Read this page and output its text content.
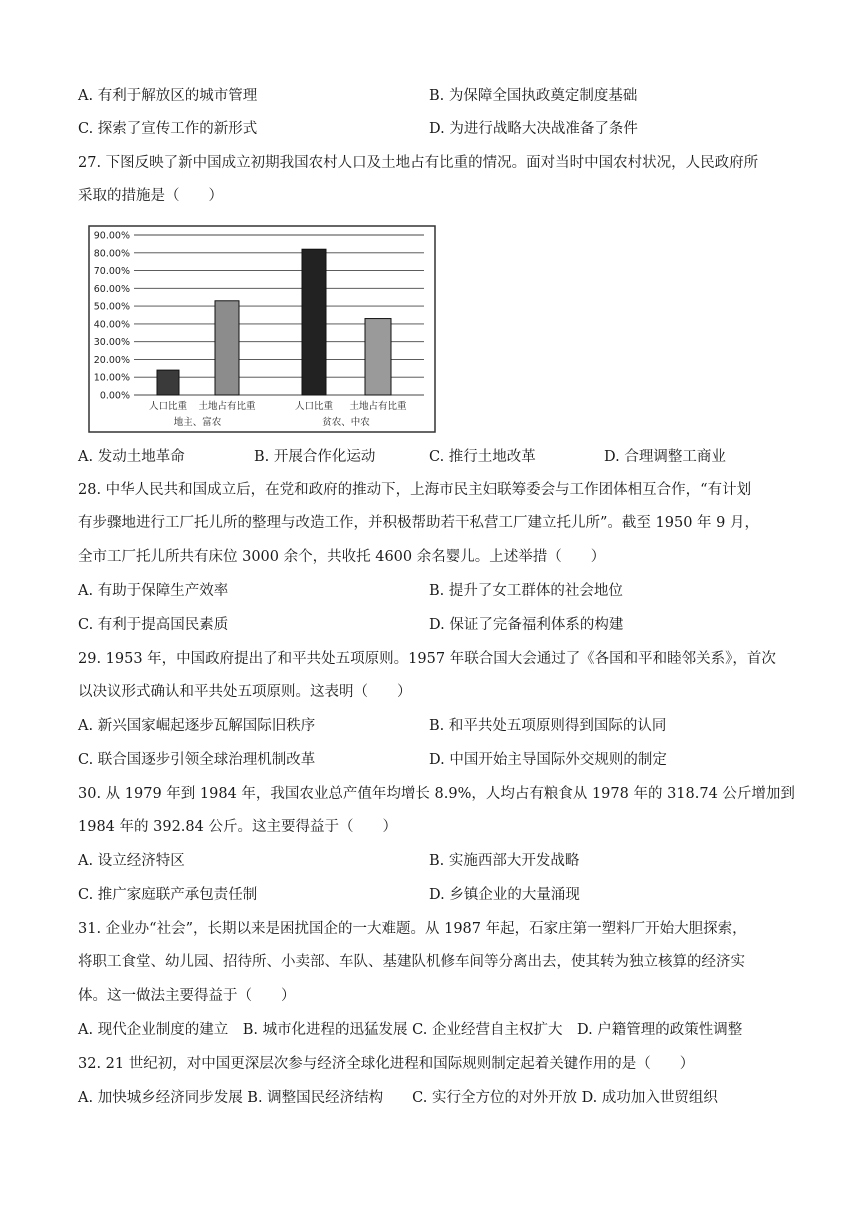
A. 有利于解放区的城市管理	B. 为保障全国执政奠定制度基础
C. 探索了宣传工作的新形式	D. 为进行战略大决战准备了条件
27. 下图反映了新中国成立初期我国农村人口及土地占有比重的情况。面对当时中国农村状况，人民政府所
采取的措施是（　　）
90.00%
80.00%
70.00%
60.00%
50.00%
40.00%
30.00%
20.00%
10.00%
0.00%
人口比重 土地占有比重	人口比重 土地占有比重
地主、富农	贫农、中农
A. 发动土地革命	B. 开展合作化运动	C. 推行土地改革	D. 合理调整工商业
28. 中华人民共和国成立后，在党和政府的推动下，上海市民主妇联筹委会与工作团体相互合作，“有计划
有步骤地进行工厂托儿所的整理与改造工作，并积极帮助若干私营工厂建立托儿所”。截至 1950 年 9 月，
全市工厂托儿所共有床位 3000 余个，共收托 4600 余名婴儿。上述举措（　　）
A. 有助于保障生产效率	B. 提升了女工群体的社会地位
C. 有利于提高国民素质	D. 保证了完备福利体系的构建
29. 1953 年，中国政府提出了和平共处五项原则。1957 年联合国大会通过了《各国和平和睦邻关系》，首次
以决议形式确认和平共处五项原则。这表明（　　）
A. 新兴国家崛起逐步瓦解国际旧秩序	B. 和平共处五项原则得到国际的认同
C. 联合国逐步引领全球治理机制改革	D. 中国开始主导国际外交规则的制定
30. 从 1979 年到 1984 年，我国农业总产值年均增长 8.9%，人均占有粮食从 1978 年的 318.74 公斤增加到
1984 年的 392.84 公斤。这主要得益于（　　）
A. 设立经济特区	B. 实施西部大开发战略
C. 推广家庭联产承包责任制	D. 乡镇企业的大量涌现
31. 企业办“社会”，长期以来是困扰国企的一大难题。从 1987 年起，石家庄第一塑料厂开始大胆探索，
将职工食堂、幼儿园、招待所、小卖部、车队、基建队机修车间等分离出去，使其转为独立核算的经济实
体。这一做法主要得益于（　　）
A. 现代企业制度的建立　B. 城市化进程的迅猛发展 C. 企业经营自主权扩大　D. 户籍管理的政策性调整
32. 21 世纪初，对中国更深层次参与经济全球化进程和国际规则制定起着关键作用的是（　　）
A. 加快城乡经济同步发展 B. 调整国民经济结构　　C. 实行全方位的对外开放 D. 成功加入世贸组织
